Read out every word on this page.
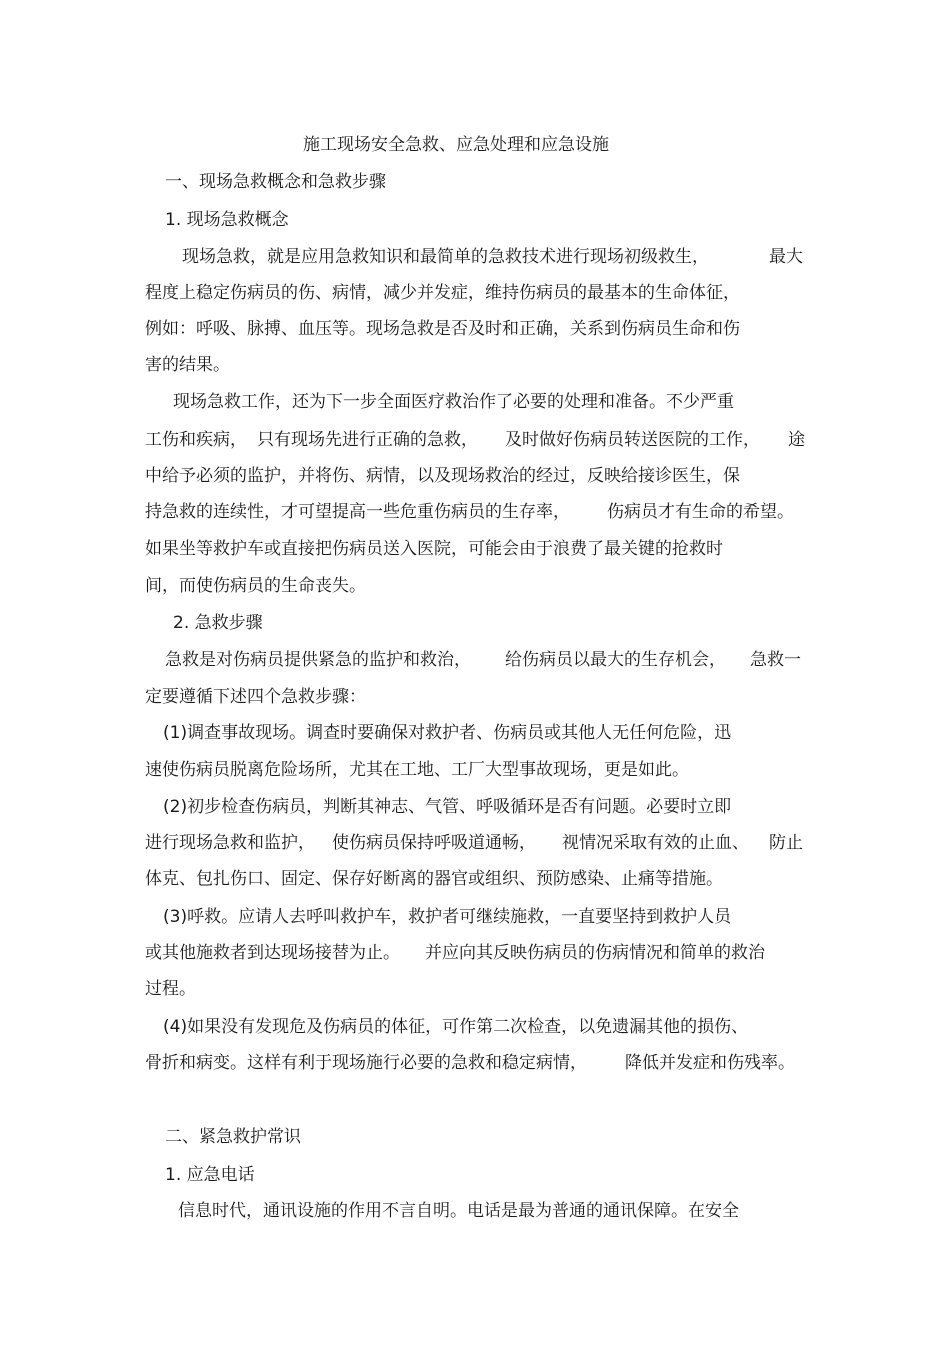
施工现场安全急救、应急处理和应急设施
一、现场急救概念和急救步骤
1. 现场急救概念
现场急救，就是应用急救知识和最简单的急救技术进行现场初级救生，	最大
程度上稳定伤病员的伤、病情，减少并发症，维持伤病员的最基本的生命体征，
例如：呼吸、脉搏、血压等。现场急救是否及时和正确，关系到伤病员生命和伤
害的结果。
现场急救工作，还为下一步全面医疗救治作了必要的处理和准备。不少严重
工伤和疾病， 只有现场先进行正确的急救， 及时做好伤病员转送医院的工作， 途
中给予必须的监护，并将伤、病情，以及现场救治的经过，反映给接诊医生，保
持急救的连续性，才可望提高一些危重伤病员的生存率， 伤病员才有生命的希望。
如果坐等救护车或直接把伤病员送入医院，可能会由于浪费了最关键的抢救时
间，而使伤病员的生命丧失。
2. 急救步骤
急救是对伤病员提供紧急的监护和救治， 给伤病员以最大的生存机会， 急救一
定要遵循下述四个急救步骤：
(1)调查事故现场。调查时要确保对救护者、伤病员或其他人无任何危险，迅
速使伤病员脱离危险场所，尤其在工地、工厂大型事故现场，更是如此。
(2)初步检查伤病员，判断其神志、气管、呼吸循环是否有问题。必要时立即
进行现场急救和监护， 使伤病员保持呼吸道通畅， 视情况采取有效的止血、 防止
体克、包扎伤口、固定、保存好断离的器官或组织、预防感染、止痛等措施。
(3)呼救。应请人去呼叫救护车，救护者可继续施救，一直要坚持到救护人员
或其他施救者到达现场接替为止。 并应向其反映伤病员的伤病情况和简单的救治
过程。
(4)如果没有发现危及伤病员的体征，可作第二次检查，以免遗漏其他的损伤、
骨折和病变。这样有利于现场施行必要的急救和稳定病情， 降低并发症和伤残率。
二、紧急救护常识
1. 应急电话
信息时代，通讯设施的作用不言自明。电话是最为普通的通讯保障。在安全
